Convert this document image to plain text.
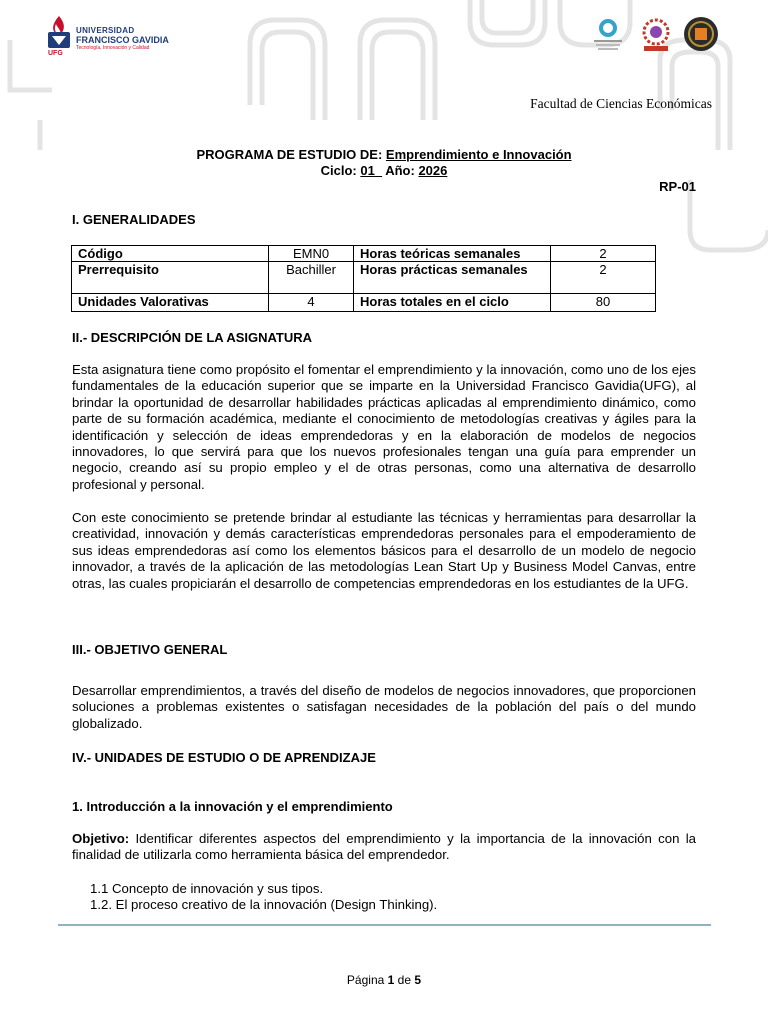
UFG
UNIVERSIDAD
FRANCISCO GAVIDIA
Tecnología, Innovación y Calidad
Facultad de Ciencias Económicas
PROGRAMA DE ESTUDIO DE: Emprendimiento e Innovación
Ciclo: 01 Año: 2026
RP-01
I. GENERALIDADES
Código	EMN0	Horas teóricas semanales	2
Prerrequisito	Bachiller	Horas prácticas semanales	2
Unidades Valorativas	4	Horas totales en el ciclo	80
II.- DESCRIPCIÓN DE LA ASIGNATURA

Esta asignatura tiene como propósito el fomentar el emprendimiento y la innovación, como uno de los ejes fundamentales de la educación superior que se imparte en la Universidad Francisco Gavidia(UFG), al brindar la oportunidad de desarrollar habilidades prácticas aplicadas al emprendimiento dinámico, como parte de su formación académica, mediante el conocimiento de metodologías creativas y ágiles para la identificación y selección de ideas emprendedoras y en la elaboración de modelos de negocios innovadores, lo que servirá para que los nuevos profesionales tengan una guía para emprender un negocio, creando así su propio empleo y el de otras personas, como una alternativa de desarrollo profesional y personal.

Con este conocimiento se pretende brindar al estudiante las técnicas y herramientas para desarrollar la creatividad, innovación y demás características emprendedoras personales para el empoderamiento de sus ideas emprendedoras así como los elementos básicos para el desarrollo de un modelo de negocio innovador, a través de la aplicación de las metodologías Lean Start Up y Business Model Canvas, entre otras, las cuales propiciarán el desarrollo de competencias emprendedoras en los estudiantes de la UFG.

III.- OBJETIVO GENERAL

Desarrollar emprendimientos, a través del diseño de modelos de negocios innovadores, que proporcionen soluciones a problemas existentes o satisfagan necesidades de la población del país o del mundo globalizado.

IV.- UNIDADES DE ESTUDIO O DE APRENDIZAJE
1. Introducción a la innovación y el emprendimiento

Objetivo: Identificar diferentes aspectos del emprendimiento y la importancia de la innovación con la finalidad de utilizarla como herramienta básica del emprendedor.

1.1 Concepto de innovación y sus tipos.
1.2. El proceso creativo de la innovación (Design Thinking).
Página 1 de 5
